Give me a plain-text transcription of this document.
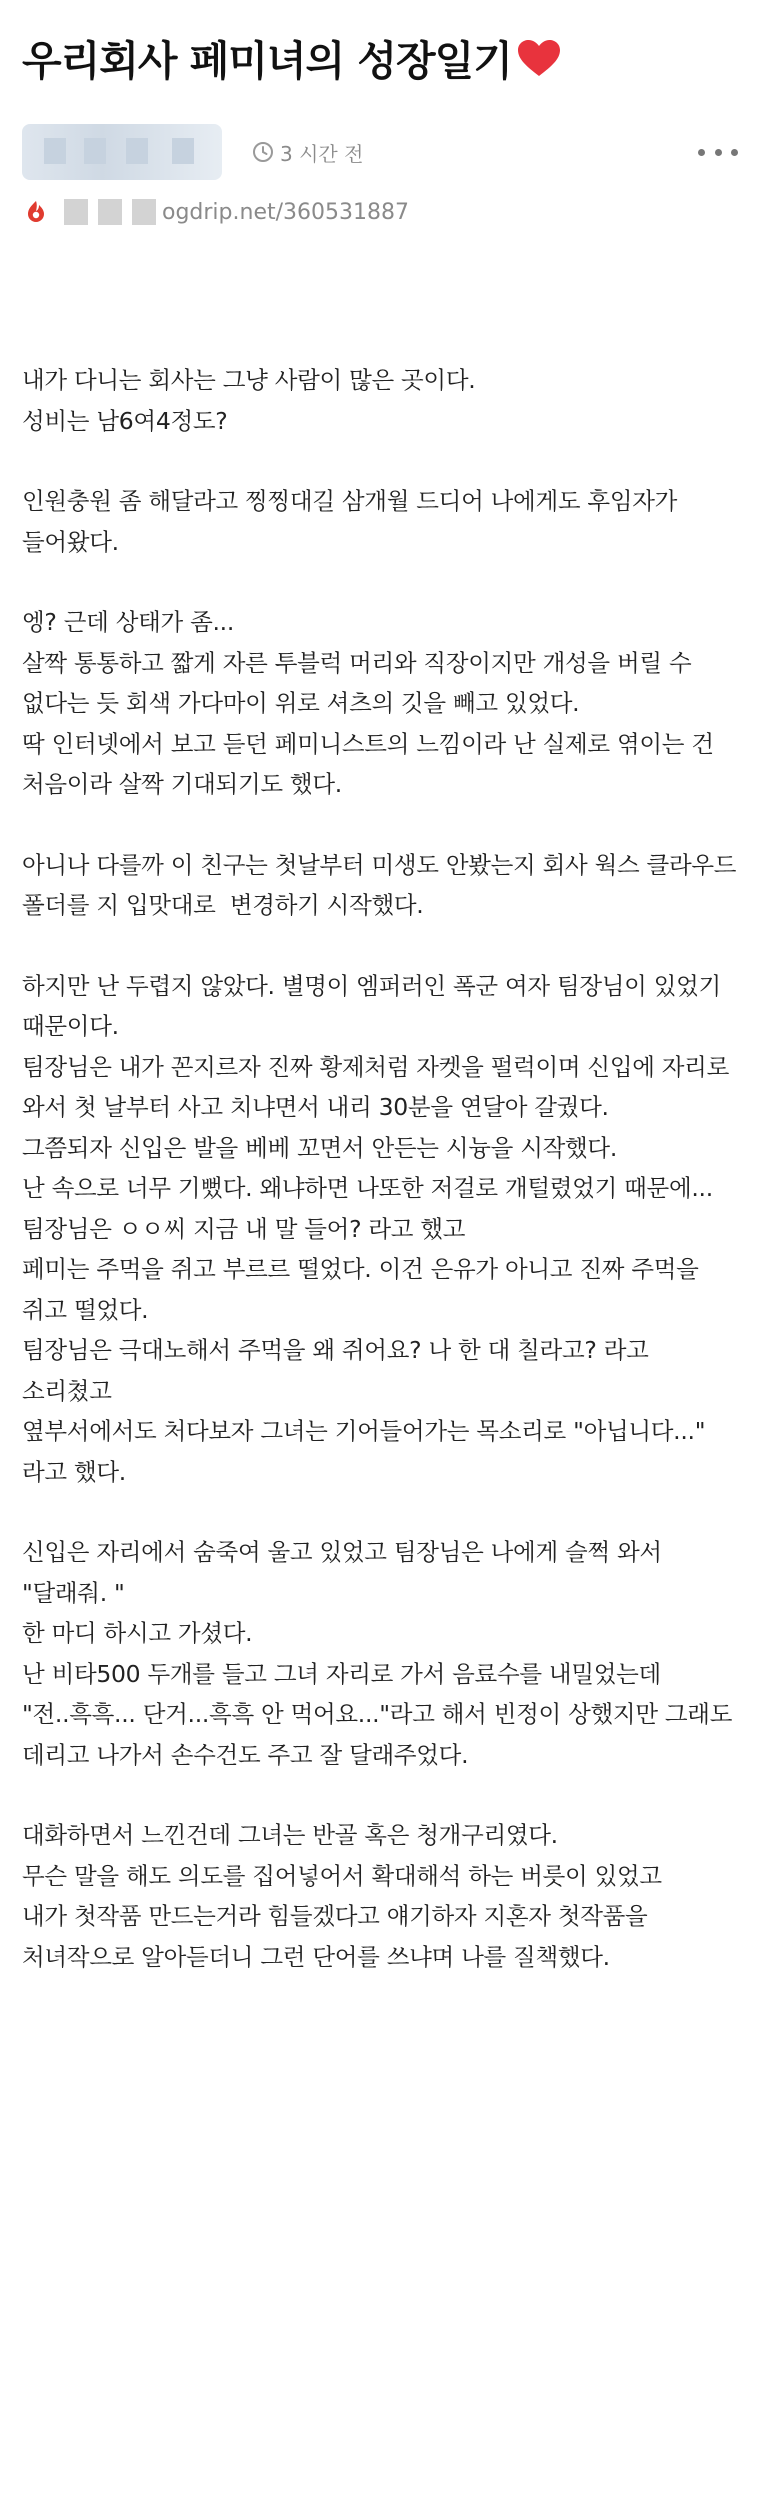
우리회사 페미녀의 성장일기
3 시간 전
ogdrip.net/360531887

내가 다니는 회사는 그냥 사람이 많은 곳이다.
성비는 남6여4정도?

인원충원 좀 해달라고 찡찡대길 삼개월 드디어 나에게도 후임자가 들어왔다.

엥? 근데 상태가 좀...
살짝 통통하고 짧게 자른 투블럭 머리와 직장이지만 개성을 버릴 수 없다는 듯 회색 가다마이 위로 셔츠의 깃을 빼고 있었다.
딱 인터넷에서 보고 듣던 페미니스트의 느낌이라 난 실제로 엮이는 건 처음이라 살짝 기대되기도 했다.

아니나 다를까 이 친구는 첫날부터 미생도 안봤는지 회사 웍스 클라우드 폴더를 지 입맛대로  변경하기 시작했다.

하지만 난 두렵지 않았다. 별명이 엠퍼러인 폭군 여자 팀장님이 있었기 때문이다.
팀장님은 내가 꼰지르자 진짜 황제처럼 자켓을 펄럭이며 신입에 자리로 와서 첫 날부터 사고 치냐면서 내리 30분을 연달아 갈궜다.
그쯤되자 신입은 발을 베베 꼬면서 안든는 시늉을 시작했다.
난 속으로 너무 기뻤다. 왜냐하면 나또한 저걸로 개털렸었기 때문에...
팀장님은 ㅇㅇ씨 지금 내 말 들어? 라고 했고
페미는 주먹을 쥐고 부르르 떨었다. 이건 은유가 아니고 진짜 주먹을 쥐고 떨었다.
팀장님은 극대노해서 주먹을 왜 쥐어요? 나 한 대 칠라고? 라고 소리쳤고
옆부서에서도 처다보자 그녀는 기어들어가는 목소리로 "아닙니다..." 라고 했다.

신입은 자리에서 숨죽여 울고 있었고 팀장님은 나에게 슬쩍 와서 "달래줘. "
한 마디 하시고 가셨다.
난 비타500 두개를 들고 그녀 자리로 가서 음료수를 내밀었는데
"전..흑흑... 단거...흑흑 안 먹어요..."라고 해서 빈정이 상했지만 그래도 데리고 나가서 손수건도 주고 잘 달래주었다.

대화하면서 느낀건데 그녀는 반골 혹은 청개구리였다.
무슨 말을 해도 의도를 집어넣어서 확대해석 하는 버릇이 있었고
내가 첫작품 만드는거라 힘들겠다고 얘기하자 지혼자 첫작품을 처녀작으로 알아듣더니 그런 단어를 쓰냐며 나를 질책했다.
